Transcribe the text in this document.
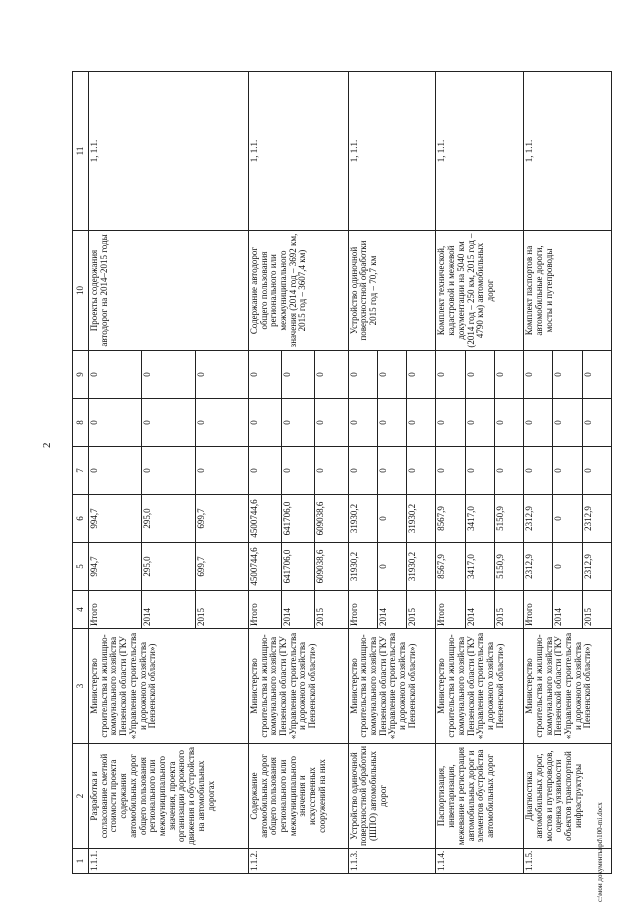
2
1	2	3	4	5	6	7	8	9	10	11
1.1.1.	Разработка и согласование сметной стоимости проекта содержания автомобильных дорог общего пользования регионального или межмуниципального значения, проекта организации дорожного движения и обустройства на автомобильных дорогах	Министерство строительства и жилищно-коммунального хозяйства Пензенской области (ГКУ «Управление строительства и дорожного хозяйства Пензенской области»)	Итого	994,7	994,7	0	0	0	Проекты содержания автодорог на 2014–2015 годы	1, 1.1.
			2014	295,0	295,0	0	0	0		
			2015	699,7	699,7	0	0	0		
1.1.2.	Содержание автомобильных дорог общего пользования регионального или межмуниципального значения и искусственных сооружений на них	Министерство строительства и жилищно-коммунального хозяйства Пензенской области (ГКУ «Управление строительства и дорожного хозяйства Пензенской области»)	Итого	4500744,6	4500744,6	0	0	0	Содержание автодорог общего пользования регионального или межмуниципального значения (2014 год – 3692 км, 2015 год – 3607,4 км)	1, 1.1.
			2014	641706,0	641706,0	0	0	0		
			2015	609038,6	609038,6	0	0	0		
1.1.3.	Устройство одиночной поверхностной обработки (ШПО) автомобильных дорог	Министерство строительства и жилищно-коммунального хозяйства Пензенской области (ГКУ «Управление строительства и дорожного хозяйства Пензенской области»)	Итого	31930,2	31930,2	0	0	0	Устройство одиночной поверхностной обработки 2015 год – 70,7 км	1, 1.1.
			2014	0	0	0	0	0		
			2015	31930,2	31930,2	0	0	0		
1.1.4.	Паспортизация, инвентаризация, межевание и регистрация автомобильных дорог и элементов обустройства автомобильных дорог	Министерство строительства и жилищно-коммунального хозяйства Пензенской области (ГКУ «Управление строительства и дорожного хозяйства Пензенской области»)	Итого	8567,9	8567,9	0	0	0	Комплект технической, кадастровой и межевой документации на 5040 км (2014 год – 250 км, 2015 год – 4790 км) автомобильных дорог	1, 1.1.
			2014	3417,0	3417,0	0	0	0		
			2015	5150,9	5150,9	0	0	0		
1.1.5.	Диагностика автомобильных дорог, мостов и путепроводов, оценка уязвимости объектов транспортной инфраструктуры	Министерство строительства и жилищно-коммунального хозяйства Пензенской области (ГКУ «Управление строительства и дорожного хозяйства Пензенской области»)	Итого	2312,9	2312,9	0	0	0	Комплект паспортов на автомобильные дороги, мосты и путепроводы	1, 1.1.
			2014	0	0	0	0	0		
			2015	2312,9	2312,9	0	0	0		
c:\мои документы\pd\100-mi.docx
